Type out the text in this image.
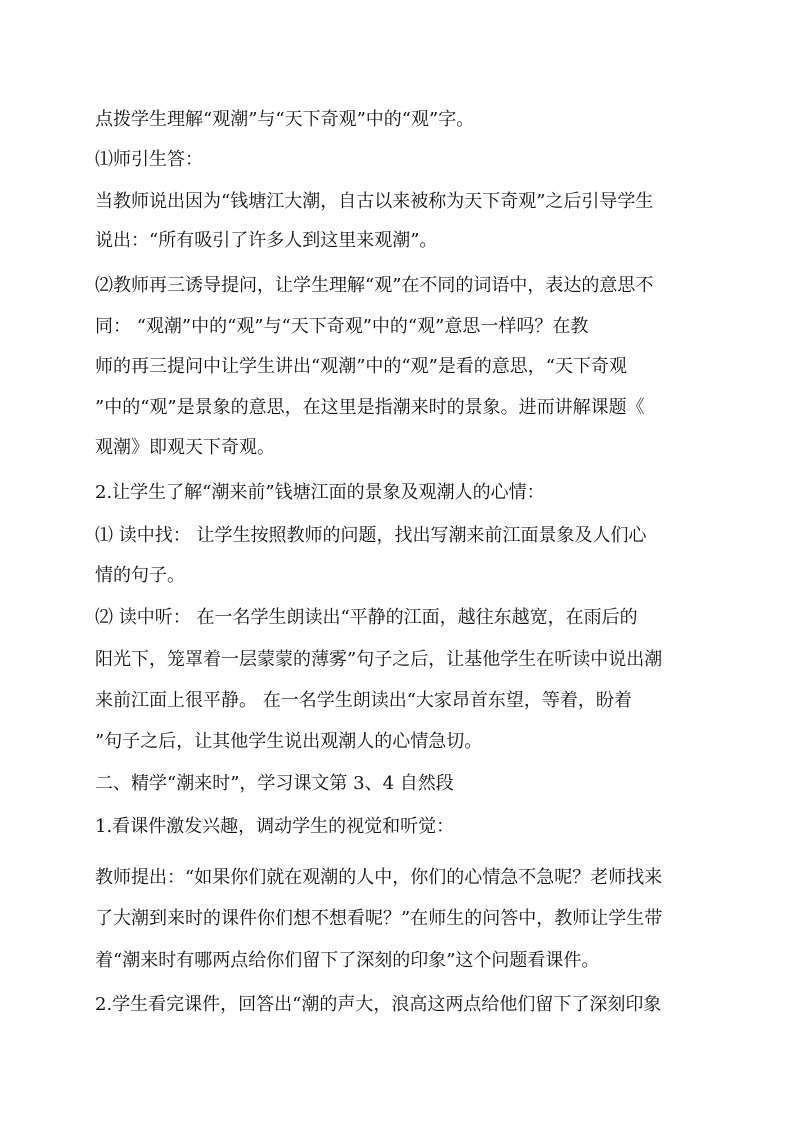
点拨学生理解“观潮”与“天下奇观”中的“观”字。
⑴师引生答：
当教师说出因为“钱塘江大潮，自古以来被称为天下奇观”之后引导学生
说出：“所有吸引了许多人到这里来观潮”。
⑵教师再三诱导提问，让学生理解“观”在不同的词语中，表达的意思不
同： “观潮”中的“观”与“天下奇观”中的“观”意思一样吗？在教
师的再三提问中让学生讲出“观潮”中的“观”是看的意思，“天下奇观
”中的“观”是景象的意思，在这里是指潮来时的景象。进而讲解课题《
观潮》即观天下奇观。
2.让学生了解“潮来前”钱塘江面的景象及观潮人的心情：
⑴ 读中找： 让学生按照教师的问题，找出写潮来前江面景象及人们心
情的句子。
⑵ 读中听： 在一名学生朗读出“平静的江面，越往东越宽，在雨后的
阳光下，笼罩着一层蒙蒙的薄雾”句子之后，让基他学生在听读中说出潮
来前江面上很平静。 在一名学生朗读出“大家昂首东望，等着，盼着
”句子之后，让其他学生说出观潮人的心情急切。
二、精学“潮来时”，学习课文第 3、4 自然段
1.看课件激发兴趣，调动学生的视觉和听觉：
教师提出：“如果你们就在观潮的人中，你们的心情急不急呢？老师找来
了大潮到来时的课件你们想不想看呢？”在师生的问答中，教师让学生带
着“潮来时有哪两点给你们留下了深刻的印象”这个问题看课件。
2.学生看完课件，回答出“潮的声大，浪高这两点给他们留下了深刻印象
